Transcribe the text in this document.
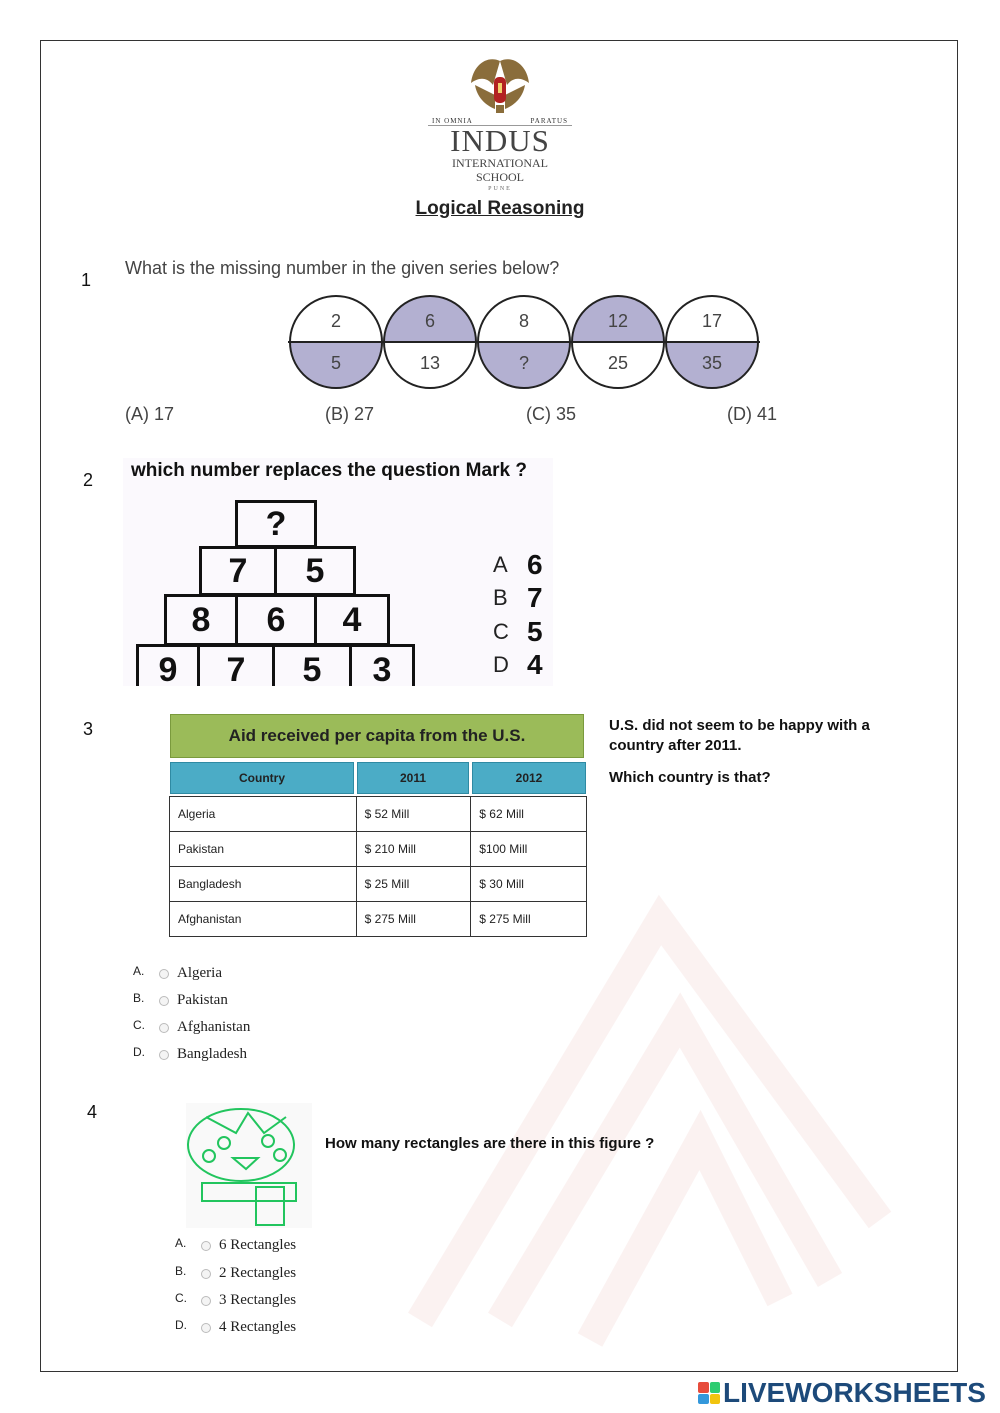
IN OMNIA	PARATUS
INDUS
INTERNATIONAL SCHOOL
PUNE
Logical Reasoning
1
What is the missing number in the given series below?
2
5
6
13
8
?
12
25
17
35
(A) 17	(B) 27	(C) 35	(D) 41
2 which number replaces the question Mark ?
?
7	5
8	6	4
9	7	5	3
A 6
B 7
C 5
D 4
3	Aid received per capita from the U.S.
Country	2011	2012
Algeria	$ 52 Mill	$ 62 Mill
Pakistan	$ 210 Mill	$100 Mill
Bangladesh	$ 25 Mill	$ 30 Mill
Afghanistan	$ 275 Mill	$ 275 Mill
U.S. did not seem to be happy with a country after 2011.
Which country is that?
A.	Algeria
B.	Pakistan
C.	Afghanistan
D.	Bangladesh
4
How many rectangles are there in this figure ?
A.	6 Rectangles
B.	2 Rectangles
C.	3 Rectangles
D.	4 Rectangles
LIVEWORKSHEETS
